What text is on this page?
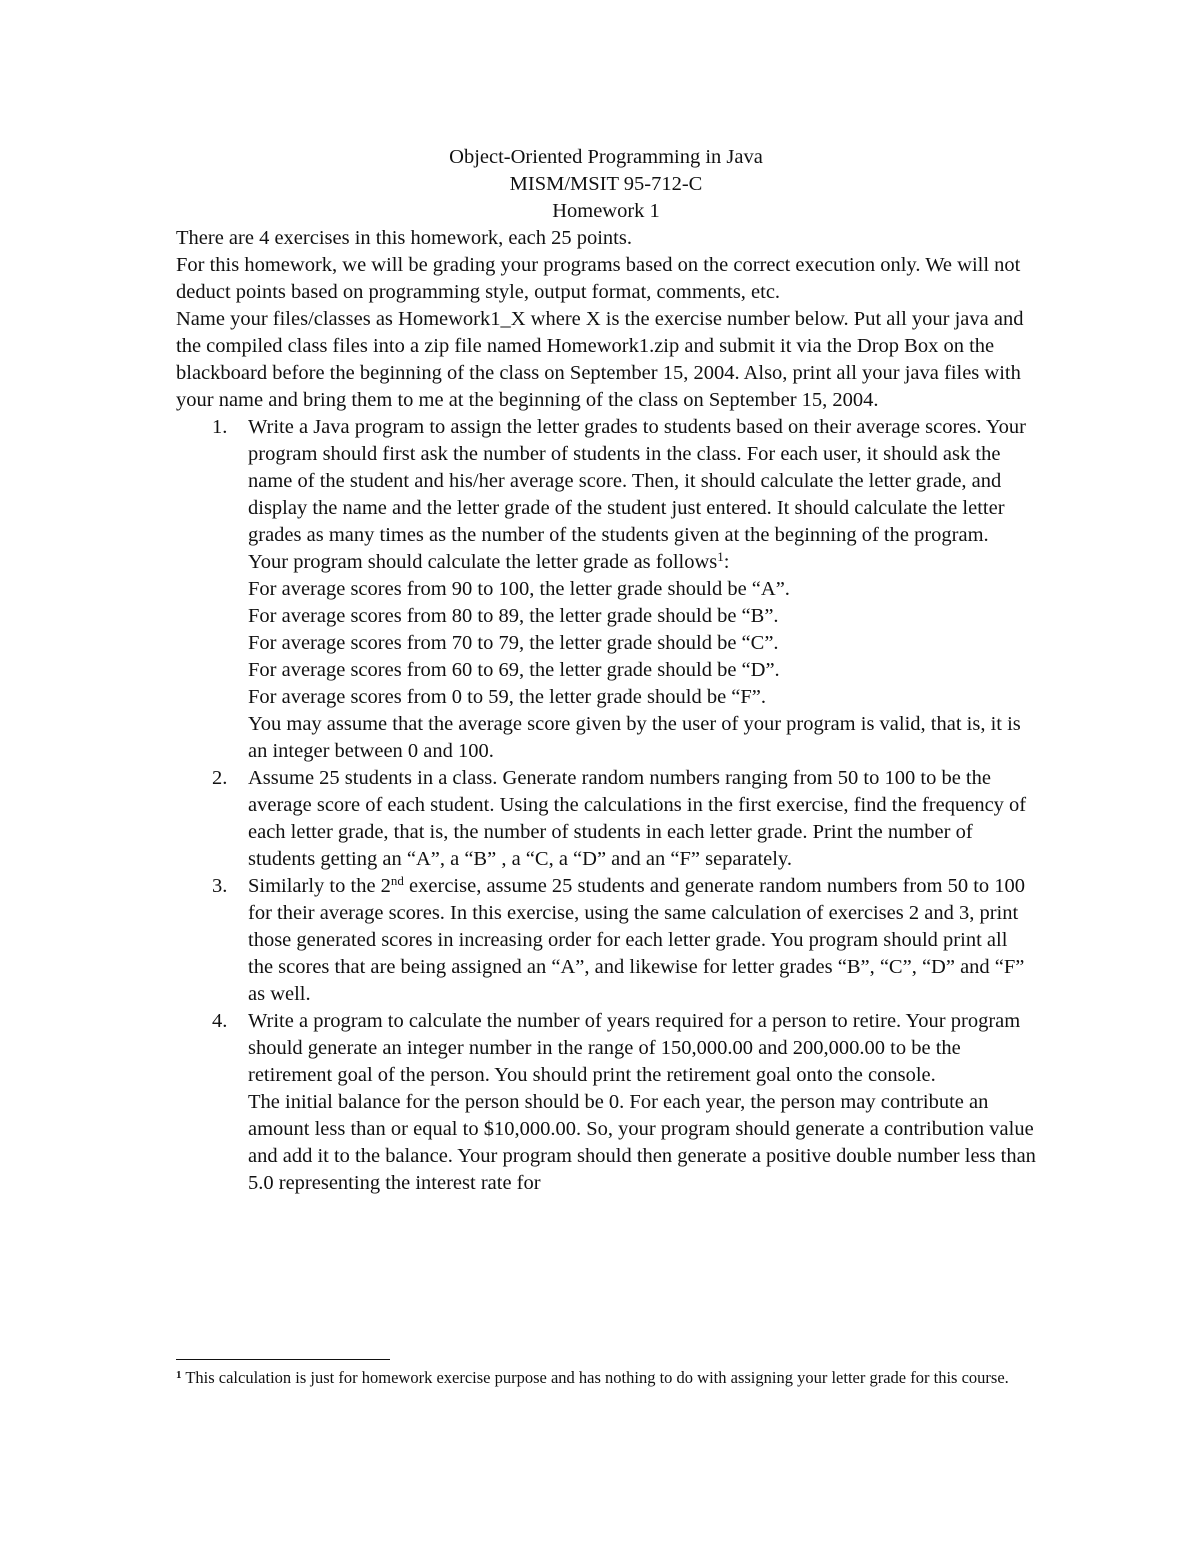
Object-Oriented Programming in Java

MISM/MSIT 95-712-C

Homework 1

There are 4 exercises in this homework, each 25 points.

For this homework, we will be grading your programs based on the correct execution only. We will not deduct points based on programming style, output format, comments, etc.

Name your files/classes as Homework1_X where X is the exercise number below. Put all your java and the compiled class files into a zip file named Homework1.zip and submit it via the Drop Box on the blackboard before the beginning of the class on September 15, 2004. Also, print all your java files with your name and bring them to me at the beginning of the class on September 15, 2004.

1. Write a Java program to assign the letter grades to students based on their average scores. Your program should first ask the number of students in the class. For each user, it should ask the name of the student and his/her average score. Then, it should calculate the letter grade, and display the name and the letter grade of the student just entered. It should calculate the letter grades as many times as the number of the students given at the beginning of the program.

Your program should calculate the letter grade as follows$^1$:

For average scores from 90 to 100, the letter grade should be “A”.

For average scores from 80 to 89, the letter grade should be “B”.

For average scores from 70 to 79, the letter grade should be “C”.

For average scores from 60 to 69, the letter grade should be “D”.

For average scores from 0 to 59, the letter grade should be “F”.

You may assume that the average score given by the user of your program is valid, that is, it is an integer between 0 and 100.

2. Assume 25 students in a class. Generate random numbers ranging from 50 to 100 to be the average score of each student. Using the calculations in the first exercise, find the frequency of each letter grade, that is, the number of students in each letter grade. Print the number of students getting an “A”, a “B” , a “C, a “D” and an “F” separately.

3. Similarly to the 2nd exercise, assume 25 students and generate random numbers from 50 to 100 for their average scores. In this exercise, using the same calculation of exercises 2 and 3, print those generated scores in increasing order for each letter grade. You program should print all the scores that are being assigned an “A”, and likewise for letter grades “B”, “C”, “D” and “F” as well.

4. Write a program to calculate the number of years required for a person to retire. Your program should generate an integer number in the range of 150,000.00 and 200,000.00 to be the retirement goal of the person. You should print the retirement goal onto the console.

The initial balance for the person should be 0. For each year, the person may contribute an amount less than or equal to $10,000.00. So, your program should generate a contribution value and add it to the balance. Your program should then generate a positive double number less than 5.0 representing the interest rate for

$^1$ This calculation is just for homework exercise purpose and has nothing to do with assigning your letter grade for this course.
